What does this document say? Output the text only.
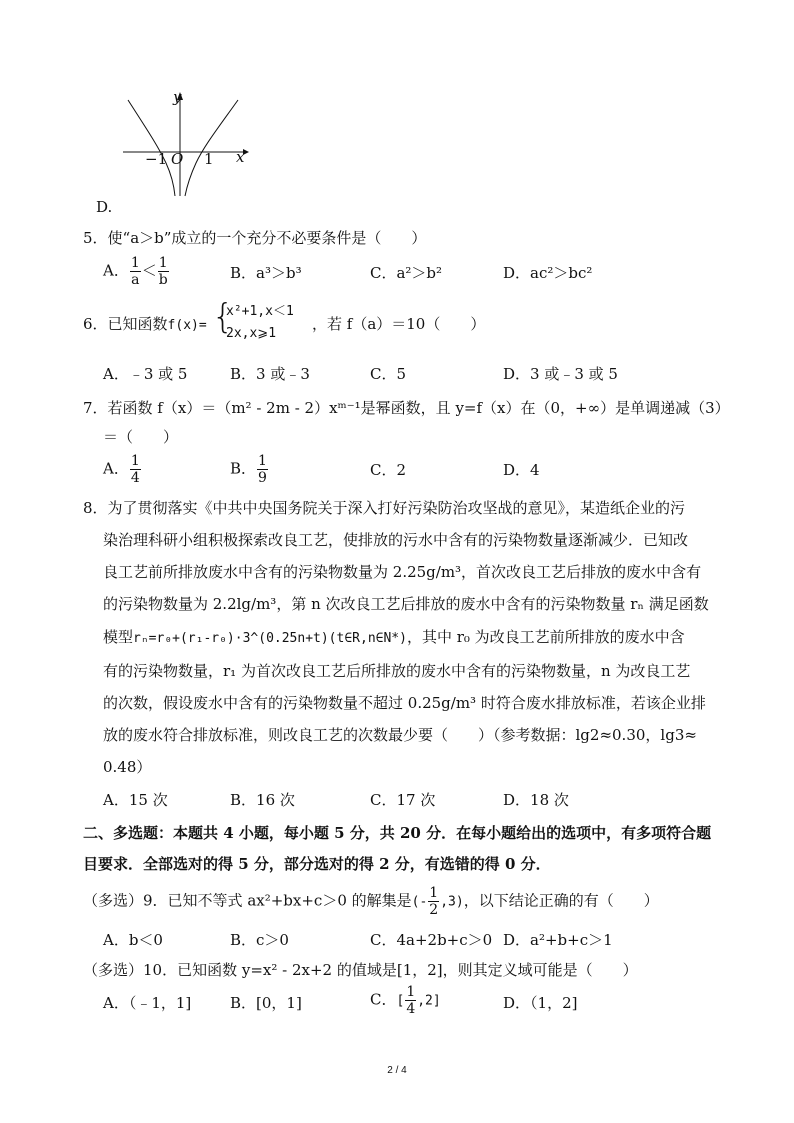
y
x
−1 O 1
D.
5．使“a＞b”成立的一个充分不必要条件是（　　）
A． $\frac{1}{a} < \frac{1}{b}$	B．a³＞b³	C．a²＞b²	D．ac²＞bc²
6．已知函数f(x)= {
x²+1,x＜1
2x,x⩾1
，若 f（a）＝10（　　）
A．﹣3 或 5	B．3 或﹣3	C．5	D．3 或﹣3 或 5
7．若函数 f（x）＝（m² ‑ 2m ‑ 2）xᵐ⁻¹是幂函数，且 y=f（x）在（0，+∞）是单调递减（3）
＝（　　）
A． $\frac{1}{4}$	B． $\frac{1}{9}$	C．2	D．4
8．为了贯彻落实《中共中央国务院关于深入打好污染防治攻坚战的意见》，某造纸企业的污
染治理科研小组积极探索改良工艺，使排放的污水中含有的污染物数量逐渐减少．已知改
良工艺前所排放废水中含有的污染物数量为 2.25g/m³，首次改良工艺后排放的废水中含有
的污染物数量为 2.2lg/m³，第 n 次改良工艺后排放的废水中含有的污染物数量 rₙ 满足函数
模型rₙ=r₀+(r₁-r₀)·3^(0.25n+t)(t∈R,n∈N*)，其中 r₀ 为改良工艺前所排放的废水中含
有的污染物数量，r₁ 为首次改良工艺后所排放的废水中含有的污染物数量，n 为改良工艺
的次数，假设废水中含有的污染物数量不超过 0.25g/m³ 时符合废水排放标准，若该企业排
放的废水符合排放标准，则改良工艺的次数最少要（　　）（参考数据：lg2≈0.30，lg3≈
0.48）
A．15 次	B．16 次	C．17 次	D．18 次
二、多选题：本题共 4 小题，每小题 5 分，共 20 分．在每小题给出的选项中，有多项符合题
目要求．全部选对的得 5 分，部分选对的得 2 分，有选错的得 0 分．
（多选）9．已知不等式 ax²+bx+c＞0 的解集是(- $\frac{1}{2} ,3$)，以下结论正确的有（　　）
A．b＜0	B．c＞0	C．4a+2b+c＞0 D．a²+b+c＞1
（多选）10．已知函数 y=x² ‑ 2x+2 的值域是[1，2]，则其定义域可能是（　　）
A．（﹣1，1]	B．[0，1]	C．[ $\frac{1}{4} ,2$]	D．（1，2]
2 / 4
